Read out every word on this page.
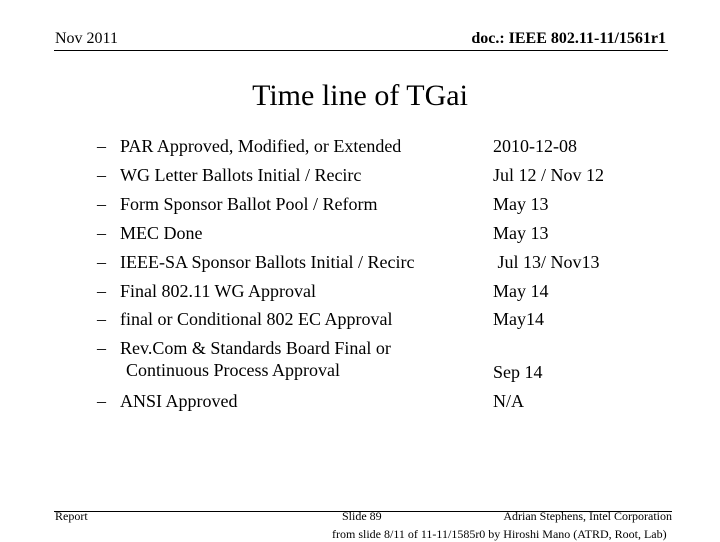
Nov 2011	doc.: IEEE 802.11-11/1561r1
Time line of TGai
– PAR Approved, Modified, or Extended	2010-12-08
– WG Letter Ballots Initial / Recirc	Jul 12 / Nov 12
– Form Sponsor Ballot Pool / Reform	May 13
– MEC Done	May 13
– IEEE-SA Sponsor Ballots Initial / Recirc	Jul 13/ Nov13
– Final 802.11 WG Approval	May 14
– final or Conditional 802 EC Approval	May14
– Rev.Com & Standards Board Final or
Continuous Process Approval	Sep 14
– ANSI Approved	N/A
Report	Slide 89	Adrian Stephens, Intel Corporation
from slide 8/11 of 11-11/1585r0 by Hiroshi Mano (ATRD, Root, Lab)
